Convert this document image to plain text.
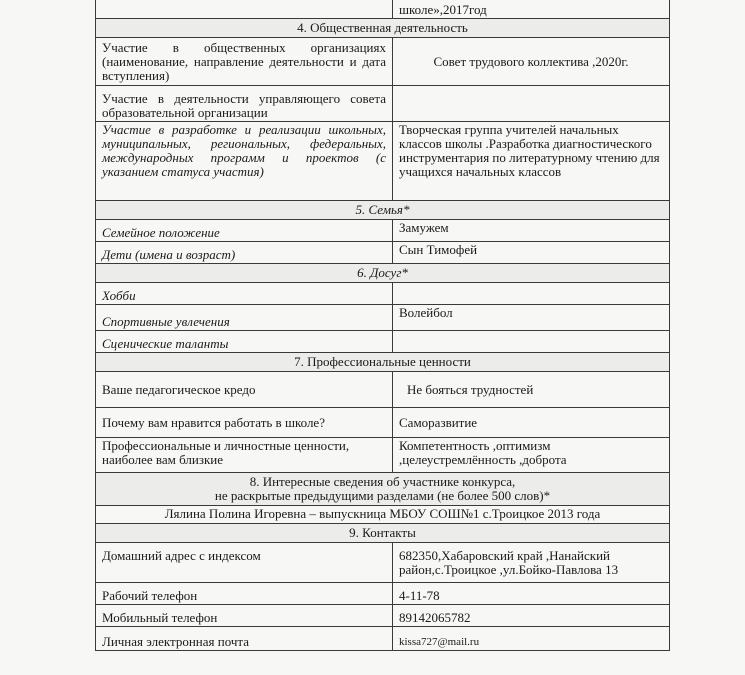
	школе»,2017год
4. Общественная деятельность	
Участие в общественных организациях (наименование, направление деятельности и дата вступления)	Совет трудового коллектива ,2020г.
Участие в деятельности управляющего совета образовательной организации	
Участие в разработке и реализации школьных, муниципальных, региональных, федеральных, международных программ и проектов (с указанием статуса участия)	Творческая группа учителей начальных классов школы .Разработка диагностического инструментария по литературному чтению для учащихся начальных классов
5. Семья*	
Семейное положение	Замужем
Дети (имена и возраст)	Сын Тимофей
6. Досуг*	
Хобби	
Спортивные увлечения	Волейбол
Сценические таланты	
7. Профессиональные ценности	
Ваше педагогическое кредо	Не бояться трудностей
Почему вам нравится работать в школе?	Саморазвитие
Профессиональные и личностные ценности, наиболее вам близкие	Компетентность ,оптимизм ,целеустремлённость ,доброта

8. Интересные сведения об участнике конкурса,
не раскрытые предыдущими разделами (не более 500 слов)*	

Лялина Полина Игоревна – выпускница МБОУ СОШ№1 с.Троицкое 2013 года	
9. Контакты	
Домашний адрес с индексом	682350,Хабаровский край ,Нанайский район,с.Троицкое ,ул.Бойко-Павлова 13
Рабочий телефон	4-11-78
Мобильный телефон	89142065782
Личная электронная почта	kissa727@mail.ru
